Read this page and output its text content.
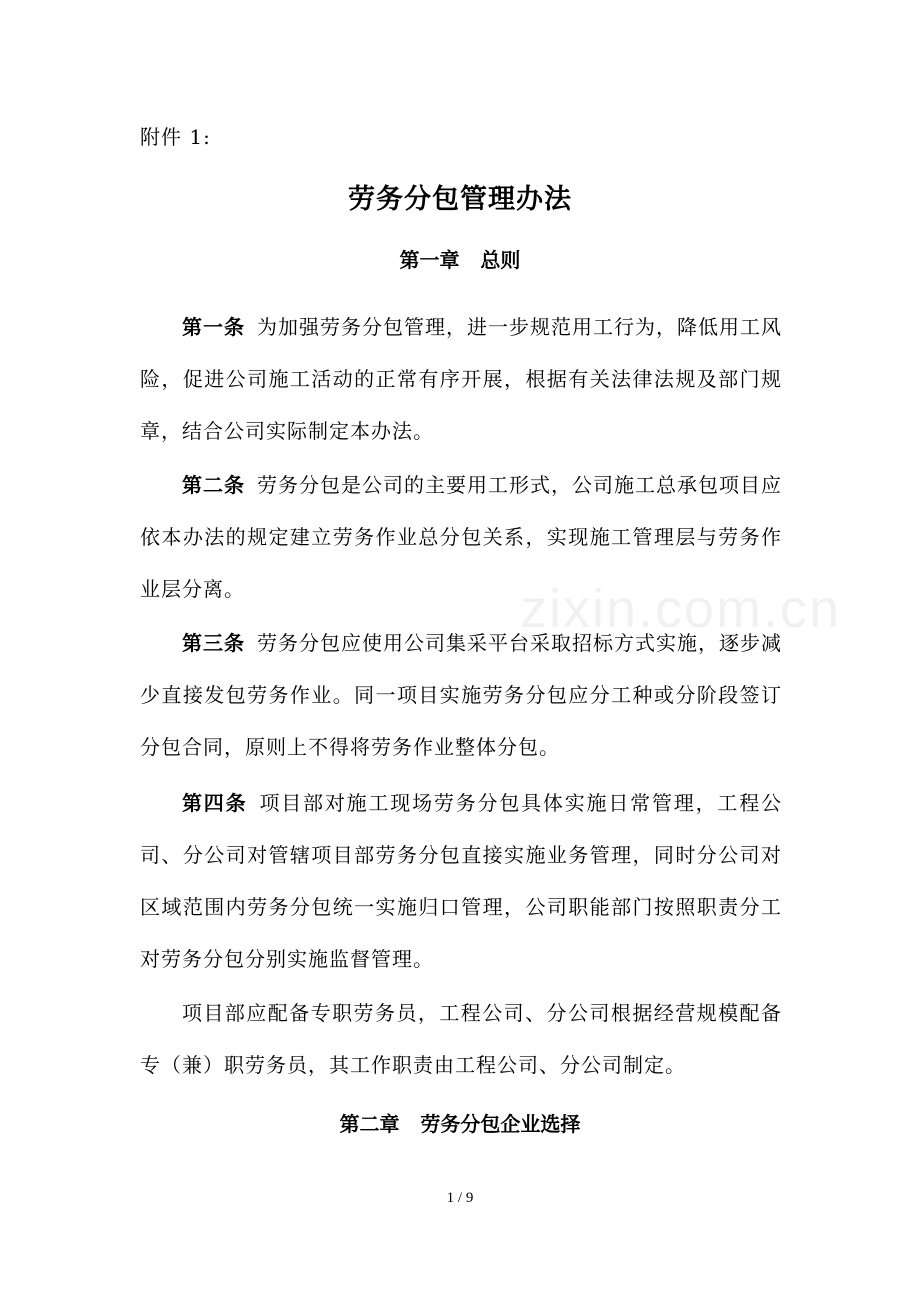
zixin.com.cn
附件 1:
劳务分包管理办法
第一章   总则

第一条 为加强劳务分包管理，进一步规范用工行为，降低用工风险，促进公司施工活动的正常有序开展，根据有关法律法规及部门规章，结合公司实际制定本办法。

第二条 劳务分包是公司的主要用工形式，公司施工总承包项目应依本办法的规定建立劳务作业总分包关系，实现施工管理层与劳务作业层分离。

第三条 劳务分包应使用公司集采平台采取招标方式实施，逐步减少直接发包劳务作业。同一项目实施劳务分包应分工种或分阶段签订分包合同，原则上不得将劳务作业整体分包。

第四条 项目部对施工现场劳务分包具体实施日常管理，工程公司、分公司对管辖项目部劳务分包直接实施业务管理，同时分公司对区域范围内劳务分包统一实施归口管理，公司职能部门按照职责分工对劳务分包分别实施监督管理。

项目部应配备专职劳务员，工程公司、分公司根据经营规模配备专（兼）职劳务员，其工作职责由工程公司、分公司制定。

第二章   劳务分包企业选择
1 / 9
